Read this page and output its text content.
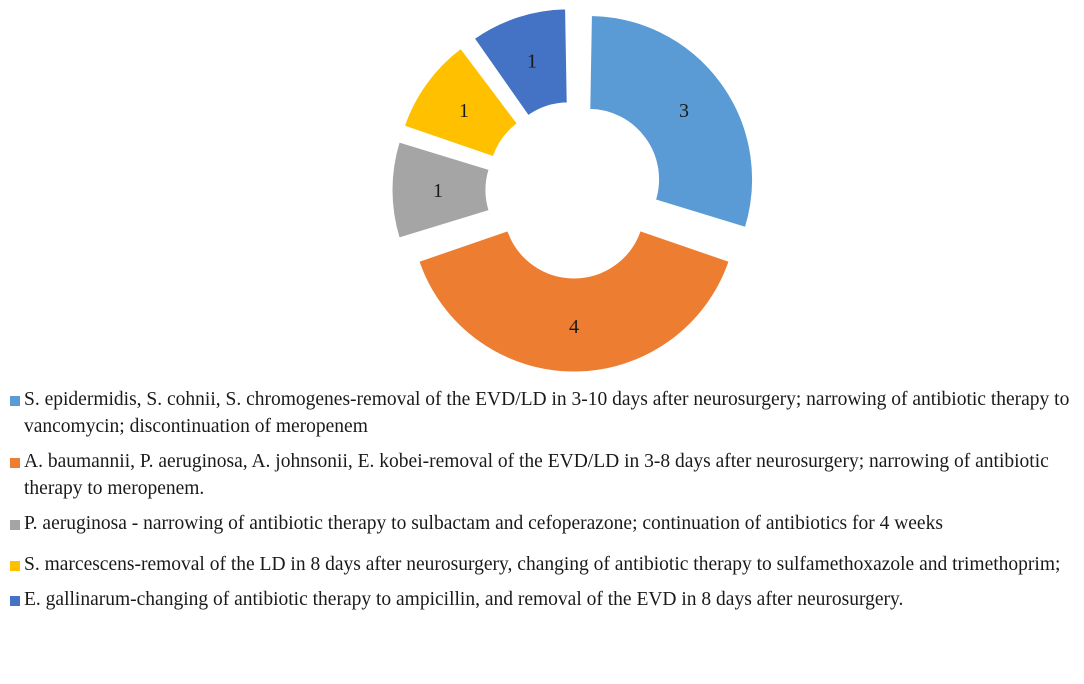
3
4
1
1
1
S. epidermidis, S. cohnii, S. chromogenes-removal of the EVD/LD in 3-10 days after neurosurgery; narrowing of antibiotic therapy to vancomycin; discontinuation of meropenem
A. baumannii, P. aeruginosa, A. johnsonii, E. kobei-removal of the EVD/LD in 3-8 days after neurosurgery; narrowing of antibiotic therapy to meropenem.
P. aeruginosa - narrowing of antibiotic therapy to sulbactam and cefoperazone; continuation of antibiotics for 4 weeks
S. marcescens-removal of the LD in 8 days after neurosurgery, changing of antibiotic therapy to sulfamethoxazole and trimethoprim;
E. gallinarum-changing of antibiotic therapy to ampicillin, and removal of the EVD in 8 days after neurosurgery.
